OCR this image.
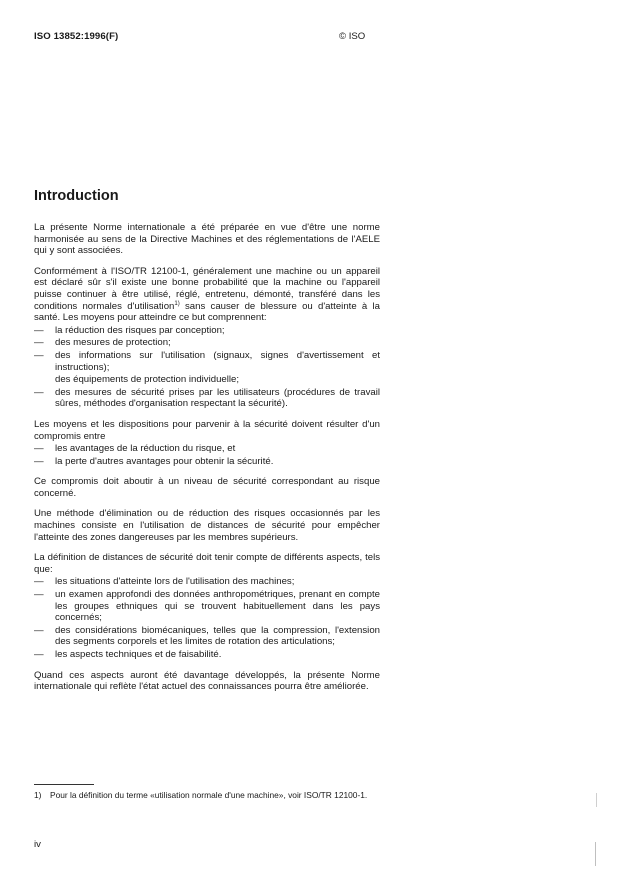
ISO 13852:1996(F)	© ISO
Introduction

La présente Norme internationale a été préparée en vue d'être une norme harmonisée au sens de la Directive Machines et des réglementations de l'AELE qui y sont associées.

Conformément à l'ISO/TR 12100-1, généralement une machine ou un appareil est déclaré sûr s'il existe une bonne probabilité que la machine ou l'appareil puisse continuer à être utilisé, réglé, entretenu, démonté, transféré dans les conditions normales d'utilisation$^{1)}$ sans causer de blessure ou d'atteinte à la santé. Les moyens pour atteindre ce but comprennent:

—	la réduction des risques par conception;
—	des mesures de protection;
—	des informations sur l'utilisation (signaux, signes d'avertissement et instructions);
des équipements de protection individuelle;
—	des mesures de sécurité prises par les utilisateurs (procédures de travail sûres, méthodes d'organisation respectant la sécurité).

Les moyens et les dispositions pour parvenir à la sécurité doivent résulter d'un compromis entre

—	les avantages de la réduction du risque, et
—	la perte d'autres avantages pour obtenir la sécurité.

Ce compromis doit aboutir à un niveau de sécurité correspondant au risque concerné.

Une méthode d'élimination ou de réduction des risques occasionnés par les machines consiste en l'utilisation de distances de sécurité pour empêcher l'atteinte des zones dangereuses par les membres supérieurs.

La définition de distances de sécurité doit tenir compte de différents aspects, tels que:

—	les situations d'atteinte lors de l'utilisation des machines;
—	un examen approfondi des données anthropométriques, prenant en compte les groupes ethniques qui se trouvent habituellement dans les pays concernés;
—	des considérations biomécaniques, telles que la compression, l'extension des segments corporels et les limites de rotation des articulations;
—	les aspects techniques et de faisabilité.

Quand ces aspects auront été davantage développés, la présente Norme internationale qui reflète l'état actuel des connaissances pourra être améliorée.

1)	Pour la définition du terme «utilisation normale d'une machine», voir ISO/TR 12100-1.
iv
